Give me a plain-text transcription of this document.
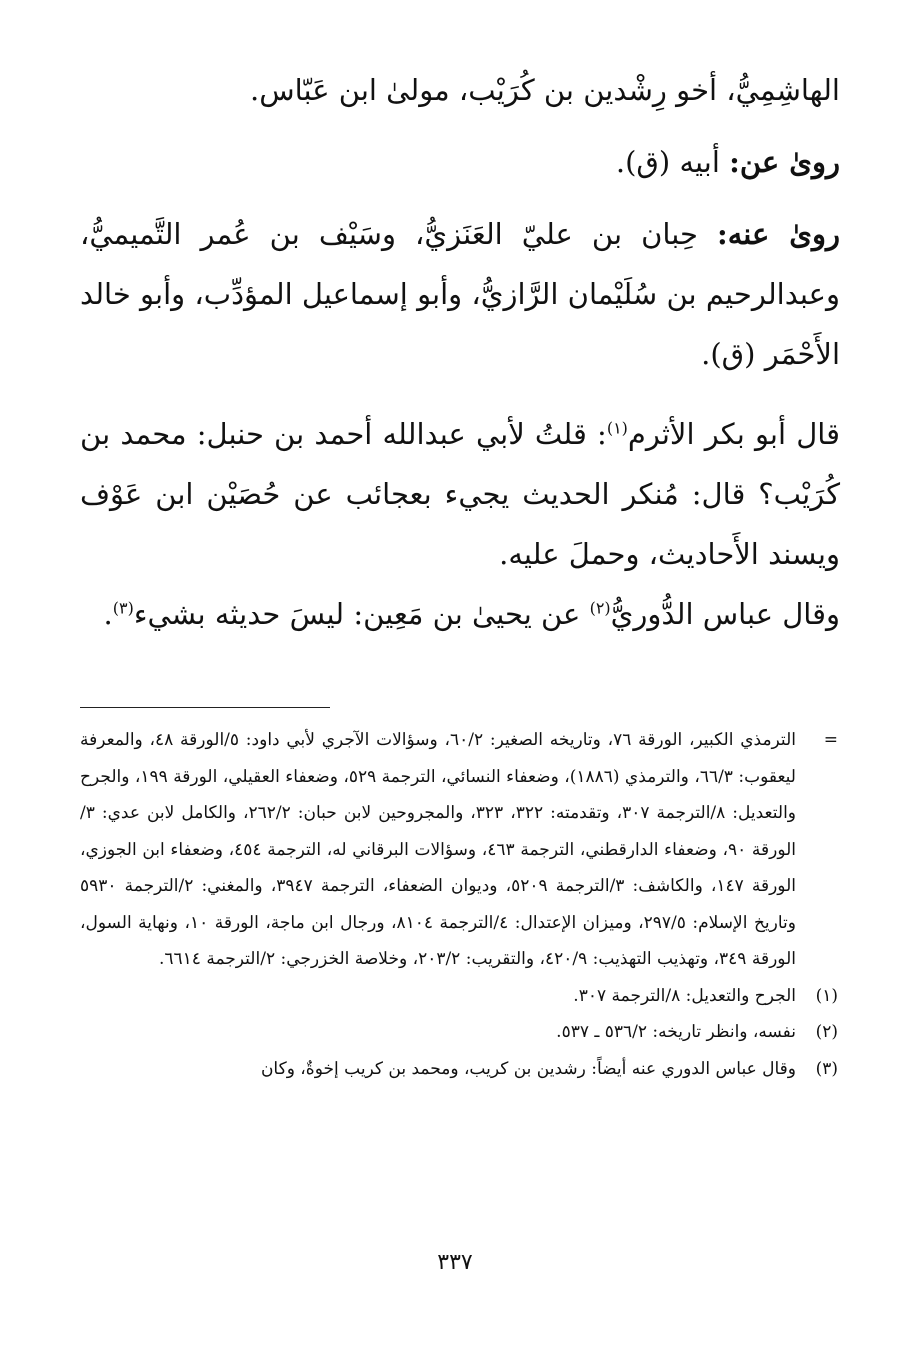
الهاشِمِيُّ، أخو رِشْدين بن كُرَيْب، مولىٰ ابن عَبّاس.

روىٰ عن: أبيه (ق).

روىٰ عنه: حِبان بن عليّ العَنَزيُّ، وسَيْف بن عُمر التَّميميُّ، وعبدالرحيم بن سُلَيْمان الرَّازيُّ، وأبو إسماعيل المؤدِّب، وأبو خالد الأَحْمَر (ق).

قال أبو بكر الأثرم$^{(١)}$: قلتُ لأبي عبدالله أحمد بن حنبل: محمد بن كُرَيْب؟ قال: مُنكر الحديث يجيء بعجائب عن حُصَيْن ابن عَوْف ويسند الأَحاديث، وحملَ عليه.

وقال عباس الدُّوريُّ$^{(٢)}$ عن يحيىٰ بن مَعِين: ليسَ حديثه بشيء$^{(٣)}$.

=
الترمذي الكبير، الورقة ٧٦، وتاريخه الصغير: ٦٠/٢، وسؤالات الآجري لأبي داود: ٥/الورقة ٤٨، والمعرفة ليعقوب: ٦٦/٣، والترمذي (١٨٨٦)، وضعفاء النسائي، الترجمة ٥٢٩، وضعفاء العقيلي، الورقة ١٩٩، والجرح والتعديل: ٨/الترجمة ٣٠٧، وتقدمته: ٣٢٢، ٣٢٣، والمجروحين لابن حبان: ٢٦٢/٢، والكامل لابن عدي: ٣/الورقة ٩٠، وضعفاء الدارقطني، الترجمة ٤٦٣، وسؤالات البرقاني له، الترجمة ٤٥٤، وضعفاء ابن الجوزي، الورقة ١٤٧، والكاشف: ٣/الترجمة ٥٢٠٩، وديوان الضعفاء، الترجمة ٣٩٤٧، والمغني: ٢/الترجمة ٥٩٣٠ وتاريخ الإسلام: ٢٩٧/٥، وميزان الإعتدال: ٤/الترجمة ٨١٠٤، ورجال ابن ماجة، الورقة ١٠، ونهاية السول، الورقة ٣٤٩، وتهذيب التهذيب: ٤٢٠/٩، والتقريب: ٢٠٣/٢، وخلاصة الخزرجي: ٢/الترجمة ٦٦١٤.
(١)
الجرح والتعديل: ٨/الترجمة ٣٠٧.
(٢)
نفسه، وانظر تاريخه: ٥٣٦/٢ ـ ٥٣٧.
(٣)
وقال عباس الدوري عنه أيضاً: رشدين بن كريب، ومحمد بن كريب إخوةٌ، وكان
٣٣٧
